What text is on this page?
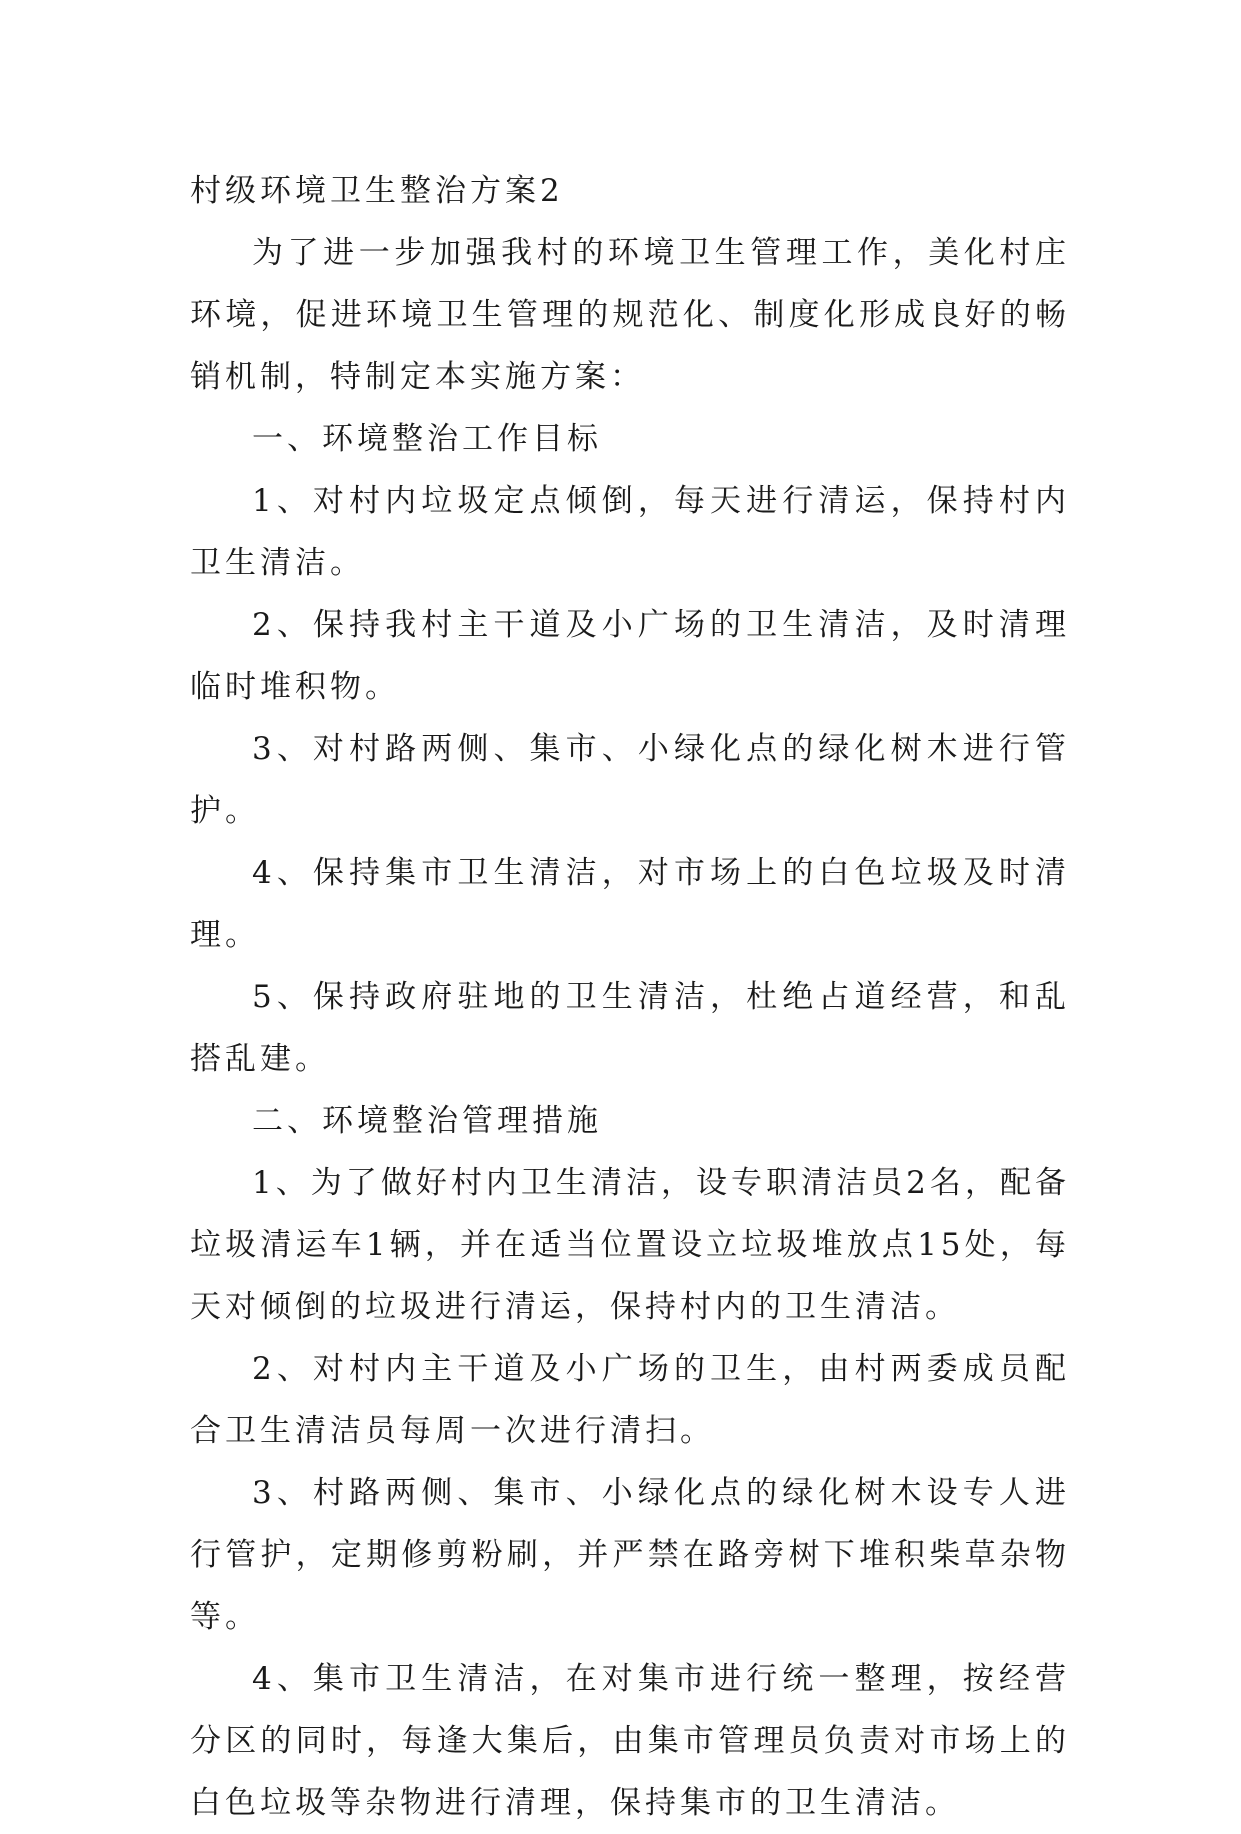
村级环境卫生整治方案2

为了进一步加强我村的环境卫生管理工作，美化村庄环境，促进环境卫生管理的规范化、制度化形成良好的畅销机制，特制定本实施方案：

一、环境整治工作目标

1、对村内垃圾定点倾倒，每天进行清运，保持村内卫生清洁。

2、保持我村主干道及小广场的卫生清洁，及时清理临时堆积物。

3、对村路两侧、集市、小绿化点的绿化树木进行管护。

4、保持集市卫生清洁，对市场上的白色垃圾及时清理。

5、保持政府驻地的卫生清洁，杜绝占道经营，和乱搭乱建。

二、环境整治管理措施

1、为了做好村内卫生清洁，设专职清洁员2名，配备垃圾清运车1辆，并在适当位置设立垃圾堆放点15处，每天对倾倒的垃圾进行清运，保持村内的卫生清洁。

2、对村内主干道及小广场的卫生，由村两委成员配合卫生清洁员每周一次进行清扫。

3、村路两侧、集市、小绿化点的绿化树木设专人进行管护，定期修剪粉刷，并严禁在路旁树下堆积柴草杂物等。

4、集市卫生清洁，在对集市进行统一整理，按经营分区的同时，每逢大集后，由集市管理员负责对市场上的白色垃圾等杂物进行清理，保持集市的卫生清洁。
